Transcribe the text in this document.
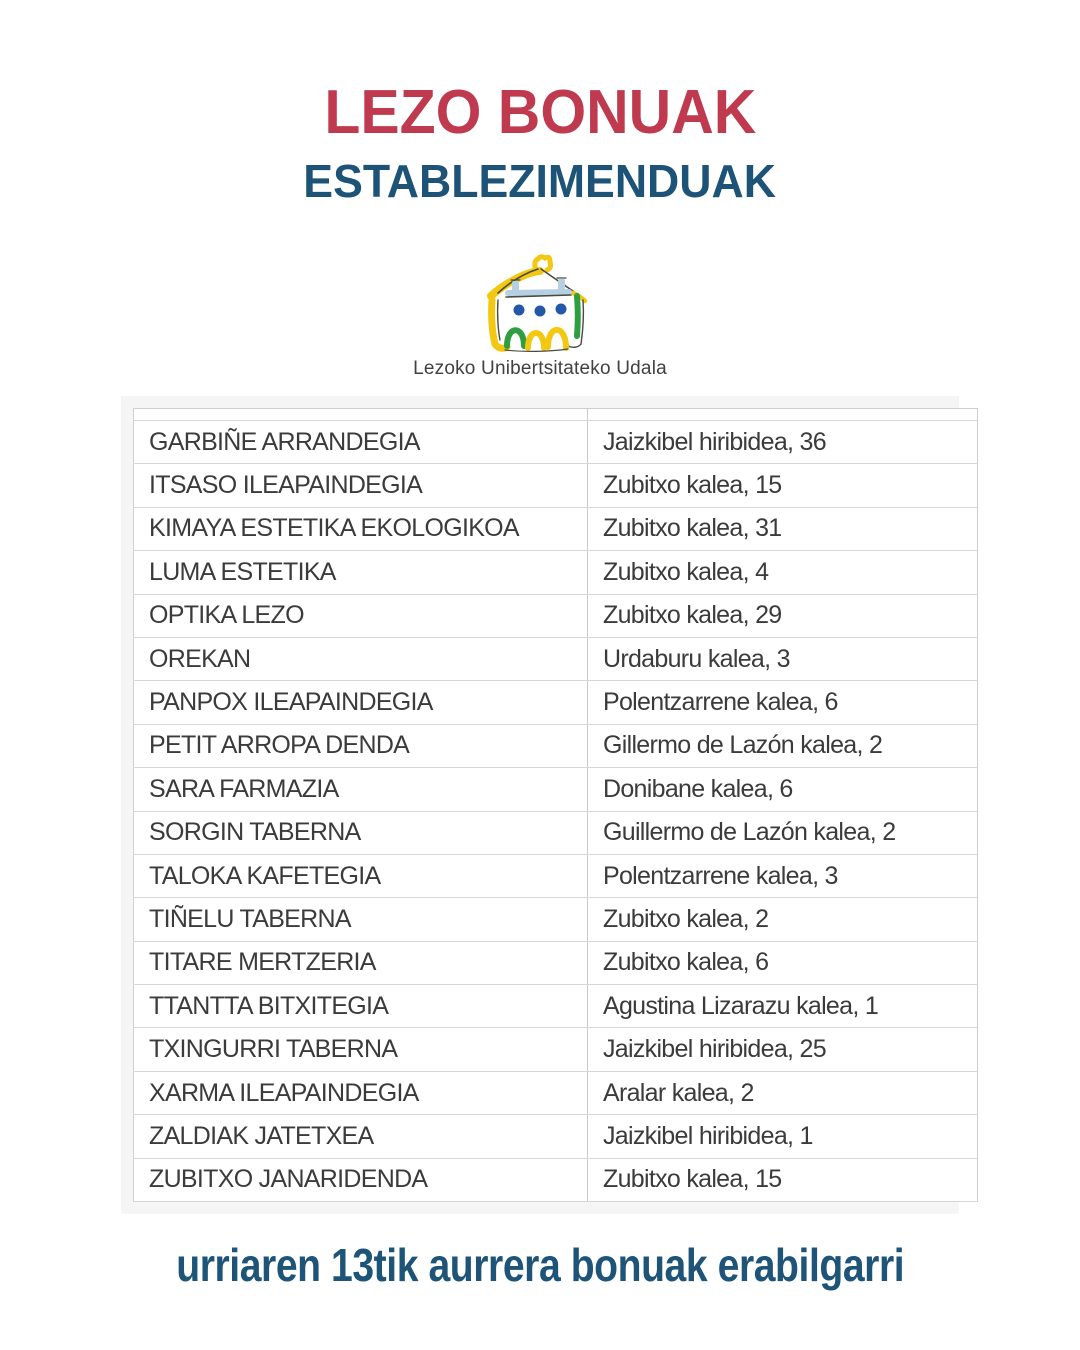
LEZO BONUAK
ESTABLEZIMENDUAK
Lezoko Unibertsitateko Udala

GARBIÑE ARRANDEGIA	Jaizkibel hiribidea, 36
ITSASO ILEAPAINDEGIA	Zubitxo kalea, 15
KIMAYA ESTETIKA EKOLOGIKOA	Zubitxo kalea, 31
LUMA ESTETIKA	Zubitxo kalea, 4
OPTIKA LEZO	Zubitxo kalea, 29
OREKAN	Urdaburu kalea, 3
PANPOX ILEAPAINDEGIA	Polentzarrene kalea, 6
PETIT ARROPA DENDA	Gillermo de Lazón kalea, 2
SARA FARMAZIA	Donibane kalea, 6
SORGIN TABERNA	Guillermo de Lazón kalea, 2
TALOKA KAFETEGIA	Polentzarrene kalea, 3
TIÑELU TABERNA	Zubitxo kalea, 2
TITARE MERTZERIA	Zubitxo kalea, 6
TTANTTA BITXITEGIA	Agustina Lizarazu kalea, 1
TXINGURRI TABERNA	Jaizkibel hiribidea, 25
XARMA ILEAPAINDEGIA	Aralar kalea, 2
ZALDIAK JATETXEA	Jaizkibel hiribidea, 1
ZUBITXO JANARIDENDA	Zubitxo kalea, 15
urriaren 13tik aurrera bonuak erabilgarri
